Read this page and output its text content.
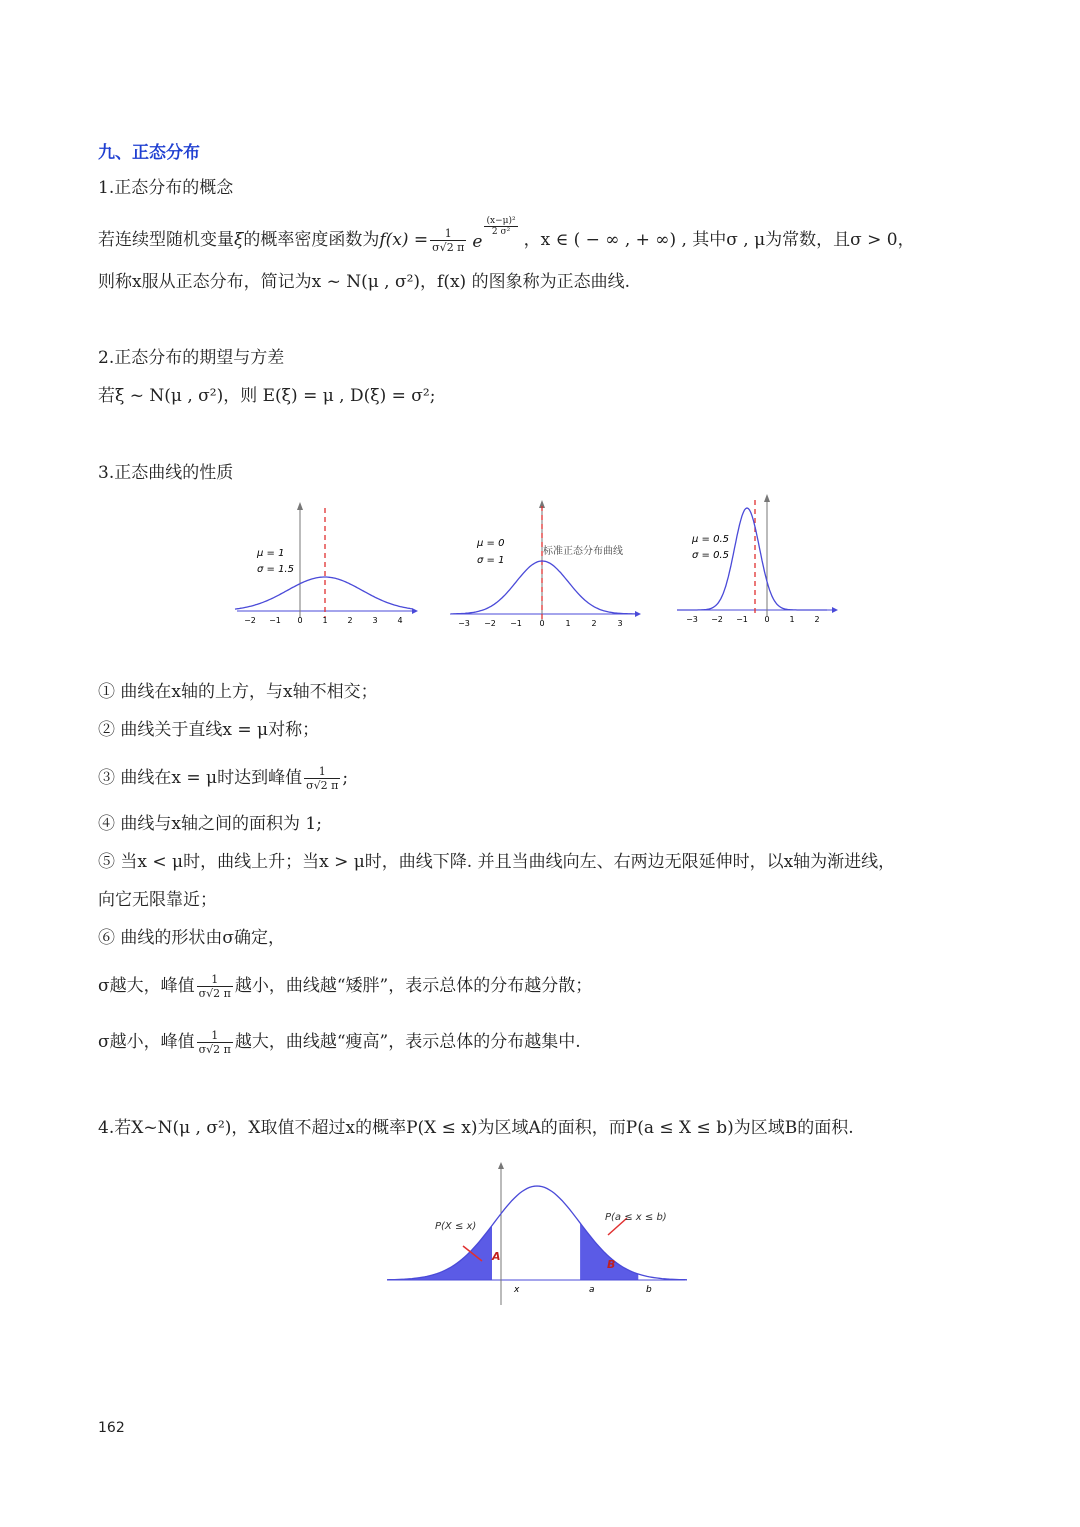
九、正态分布
1.正态分布的概念
若连续型随机变量 ξ 的概率密度函数为 $f(x) = \frac{1}{\sigma√2 \pi}$ e
$\frac{\text{(x−μ)²}}{\text{2 σ²}}$
，x ∈ ( − ∞ , + ∞) , 其中σ , μ为常数，且σ > 0，
则称x服从正态分布，简记为x ~ N(μ , σ²)，f(x) 的图象称为正态曲线.
2.正态分布的期望与方差
若ξ ~ N(μ , σ²)，则 E(ξ) = μ , D(ξ) = σ²;
3.正态曲线的性质
μ = 1
σ = 1.5
−2 −1 0 1 2 3 4
μ = 0
σ = 1
标准正态分布曲线
−3 −2 −1 0	1	2	3
μ = 0.5
σ = 0.5
−3 −2 −1 0 1 2
① 曲线在x轴的上方，与x轴不相交；
② 曲线关于直线x = μ对称；
③ 曲线在x = μ时达到峰值 $\frac{1}{\sigma√2 \pi}$ ;
④ 曲线与x轴之间的面积为 1;
⑤ 当x < μ时，曲线上升；当x > μ时，曲线下降. 并且当曲线向左、右两边无限延伸时，以x轴为渐进线，
向它无限靠近；
⑥ 曲线的形状由σ确定，
σ越大，峰值 $\frac{1}{\sigma√2 \pi}$ 越小，曲线越“矮胖”，表示总体的分布越分散；
σ越小，峰值 $\frac{1}{\sigma√2 \pi}$ 越大，曲线越“瘦高”，表示总体的分布越集中.
4.若X~N(μ , σ²)，X取值不超过x的概率P(X ≤ x)为区域A的面积，而P(a ≤ X ≤ b)为区域B的面积.
P(X ≤ x)
P(a ≤ x ≤ b)
A
B
x	a	b
162
